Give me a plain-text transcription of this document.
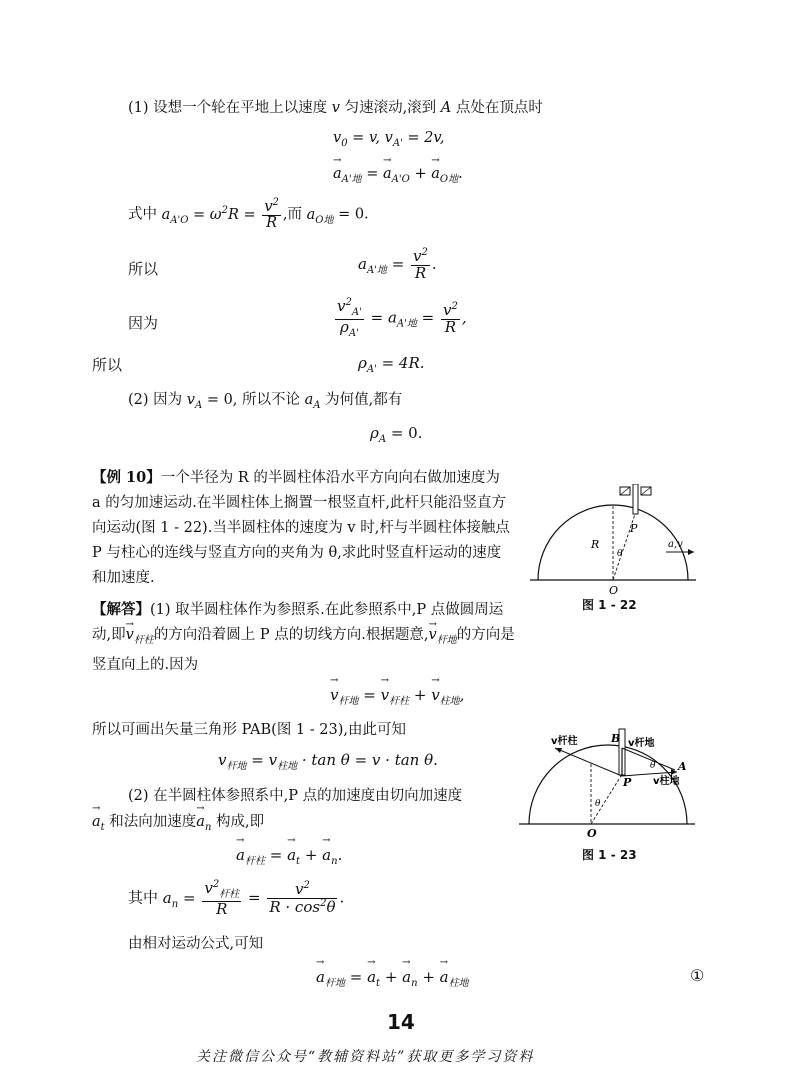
(1) 设想一个轮在平地上以速度 v 匀速滚动,滚到 A 点处在顶点时
$v_0 = v$, $v_{A'} = 2v$,
→ $a_{A'地}$ = → $a_{A'O}$ + → $a_{O地}$.
式中 $a_{A'O} = \omega^2R = \frac{v^2}{R}$ ,而 $a_{O地} = 0$.
所以	$a_{A'地} = \frac{v^2}{R}$ .
因为	$\frac{v^2_{A'}}{\rho_{A'}} = a_{A'地} = \frac{v^2}{R}$ ,
所以	$\rho_{A'} = 4R$.
(2) 因为 $v_A = 0$, 所以不论 $a_A$ 为何值,都有
$\rho_A = 0$.
【例 10】一个半径为 R 的半圆柱体沿水平方向向右做加速度为 a 的匀加速运动.在半圆柱体上搁置一根竖直杆,此杆只能沿竖直方向运动(图 1 - 22).当半圆柱体的速度为 v 时,杆与半圆柱体接触点 P 与柱心的连线与竖直方向的夹角为 θ,求此时竖直杆运动的速度和加速度.
R
P
θ
O
a,v
图 1 - 22
【解答】(1) 取半圆柱体作为参照系.在此参照系中,P 点做圆周运动,即→ $v_{杆柱}$的方向沿着圆上 P 点的切线方向.根据题意,→ $v_{杆地}$的方向是竖直向上的.因为
→ $v_{杆地}$ = → $v_{杆柱}$ + → $v_{柱地}$,
所以可画出矢量三角形 PAB(图 1 - 23),由此可知
$v_{杆地} = v_{柱地} \cdot \tan \theta = v \cdot \tan \theta$.
v杆柱	B v杆地
A
v柱地
θ
P
θ
O
图 1 - 23
(2) 在半圆柱体参照系中,P 点的加速度由切向加速度
→ $a_t$ 和法向加速度→ $a_n$ 构成,即
→ $a_{杆柱}$ = → $a_t$ + → $a_n$.
其中 $a_n = \frac{v^2_{杆柱}}{R} = \frac{v^2}{R \cdot \cos^2\theta}$ .
由相对运动公式,可知
→ $a_{杆地}$ = → $a_t$ + → $a_n$ + → $a_{柱地}$	①
14
关注微信公众号“教辅资料站”获取更多学习资料
